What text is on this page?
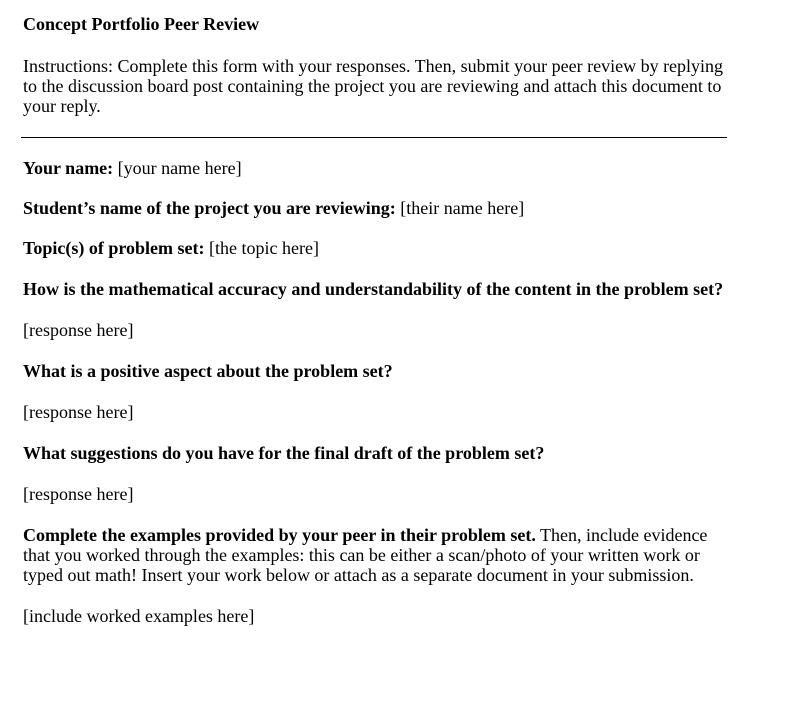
Concept Portfolio Peer Review
Instructions: Complete this form with your responses. Then, submit your peer review by replying to the discussion board post containing the project you are reviewing and attach this document to your reply.
Your name: [your name here]
Student’s name of the project you are reviewing: [their name here]
Topic(s) of problem set: [the topic here]
How is the mathematical accuracy and understandability of the content in the problem set?
[response here]
What is a positive aspect about the problem set?
[response here]
What suggestions do you have for the final draft of the problem set?
[response here]
Complete the examples provided by your peer in their problem set. Then, include evidence that you worked through the examples: this can be either a scan/photo of your written work or typed out math! Insert your work below or attach as a separate document in your submission.
[include worked examples here]
